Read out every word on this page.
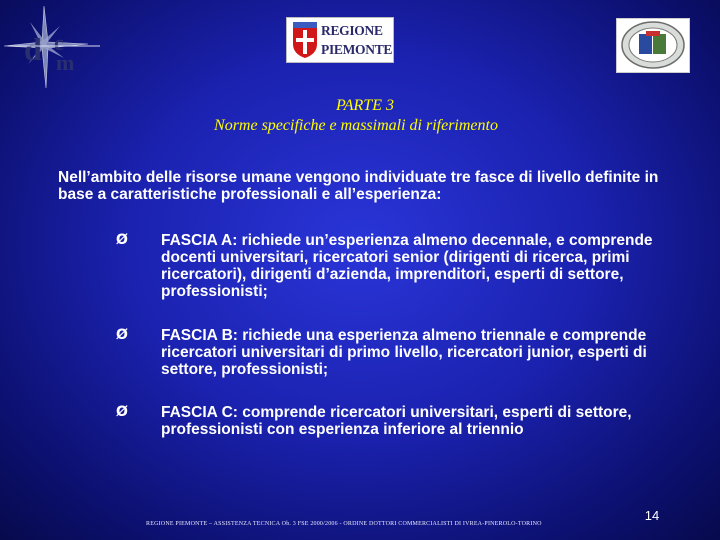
d c
m
REGIONE
PIEMONTE
PARTE 3
Norme specifiche e massimali di riferimento
Nell’ambito delle risorse umane vengono individuate tre fasce di livello definite in base a caratteristiche professionali e all’esperienza:
Ø FASCIA A: richiede un’esperienza almeno decennale, e comprende docenti universitari, ricercatori senior (dirigenti di ricerca, primi ricercatori), dirigenti d’azienda, imprenditori, esperti di settore, professionisti;
Ø FASCIA B: richiede una esperienza almeno triennale e comprende ricercatori universitari di primo livello, ricercatori junior, esperti di settore, professionisti;
Ø FASCIA C: comprende ricercatori universitari, esperti di settore, professionisti con esperienza inferiore al triennio
REGIONE PIEMONTE – ASSISTENZA TECNICA Ob. 3 FSE 2000/2006 - ORDINE DOTTORI COMMERCIALISTI DI IVREA-PINEROLO-TORINO
14
